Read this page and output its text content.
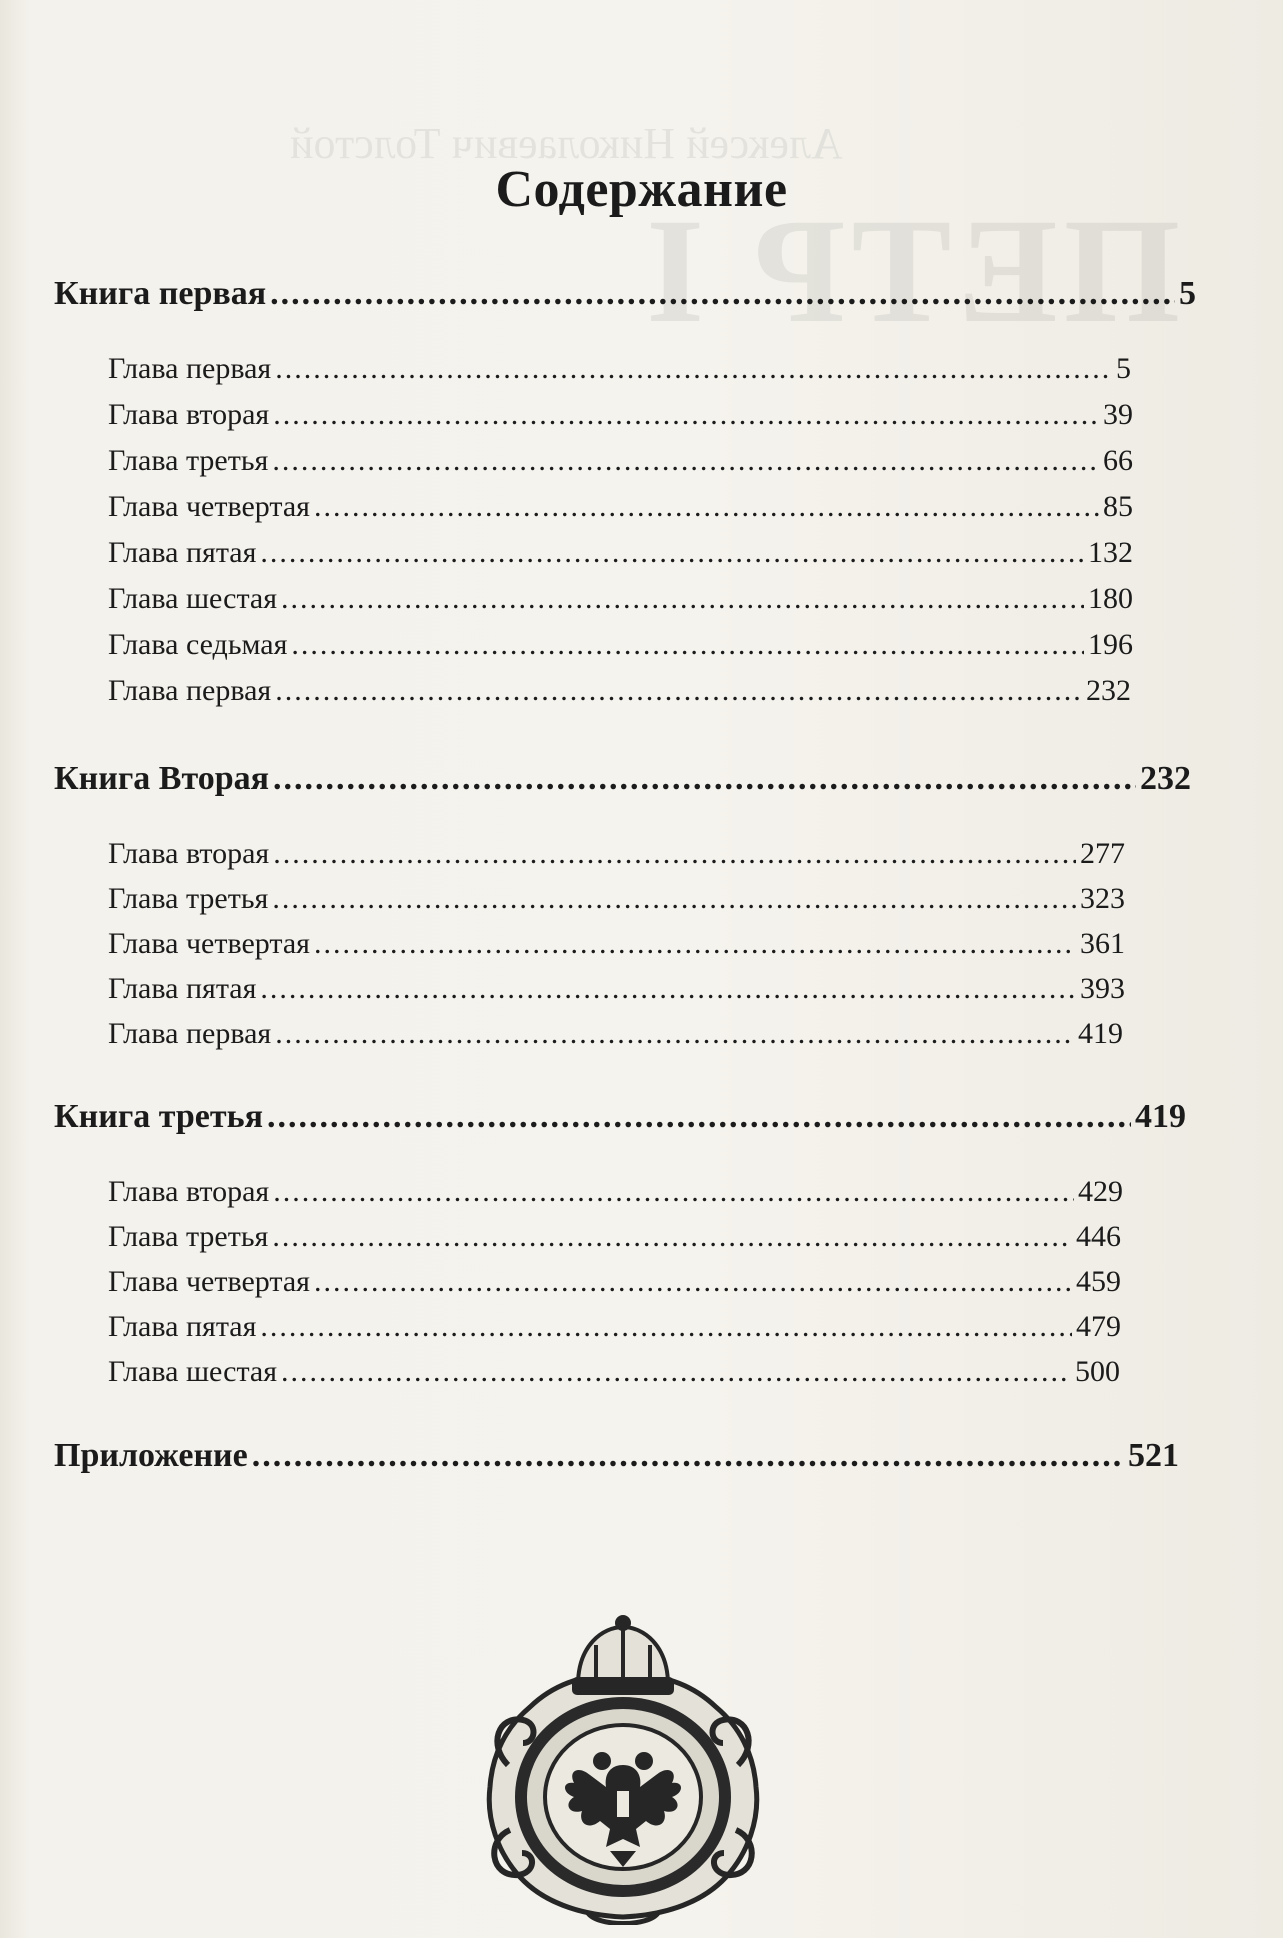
Алексей Николаевич Толстой
ПЕТР I
Содержание
Книга первая .....	5
Глава первая .....	5
Глава вторая .....	39
Глава третья .....	66
Глава четвертая .....	85
Глава пятая .....	132
Глава шестая .....	180
Глава седьмая .....	196
Глава первая .....	232
Книга Вторая .....	232
Глава вторая .....	277
Глава третья .....	323
Глава четвертая .....	361
Глава пятая .....	393
Глава первая .....	419
Книга третья .....	419
Глава вторая .....	429
Глава третья .....	446
Глава четвертая .....	459
Глава пятая .....	479
Глава шестая .....	500
Приложение .....	521
